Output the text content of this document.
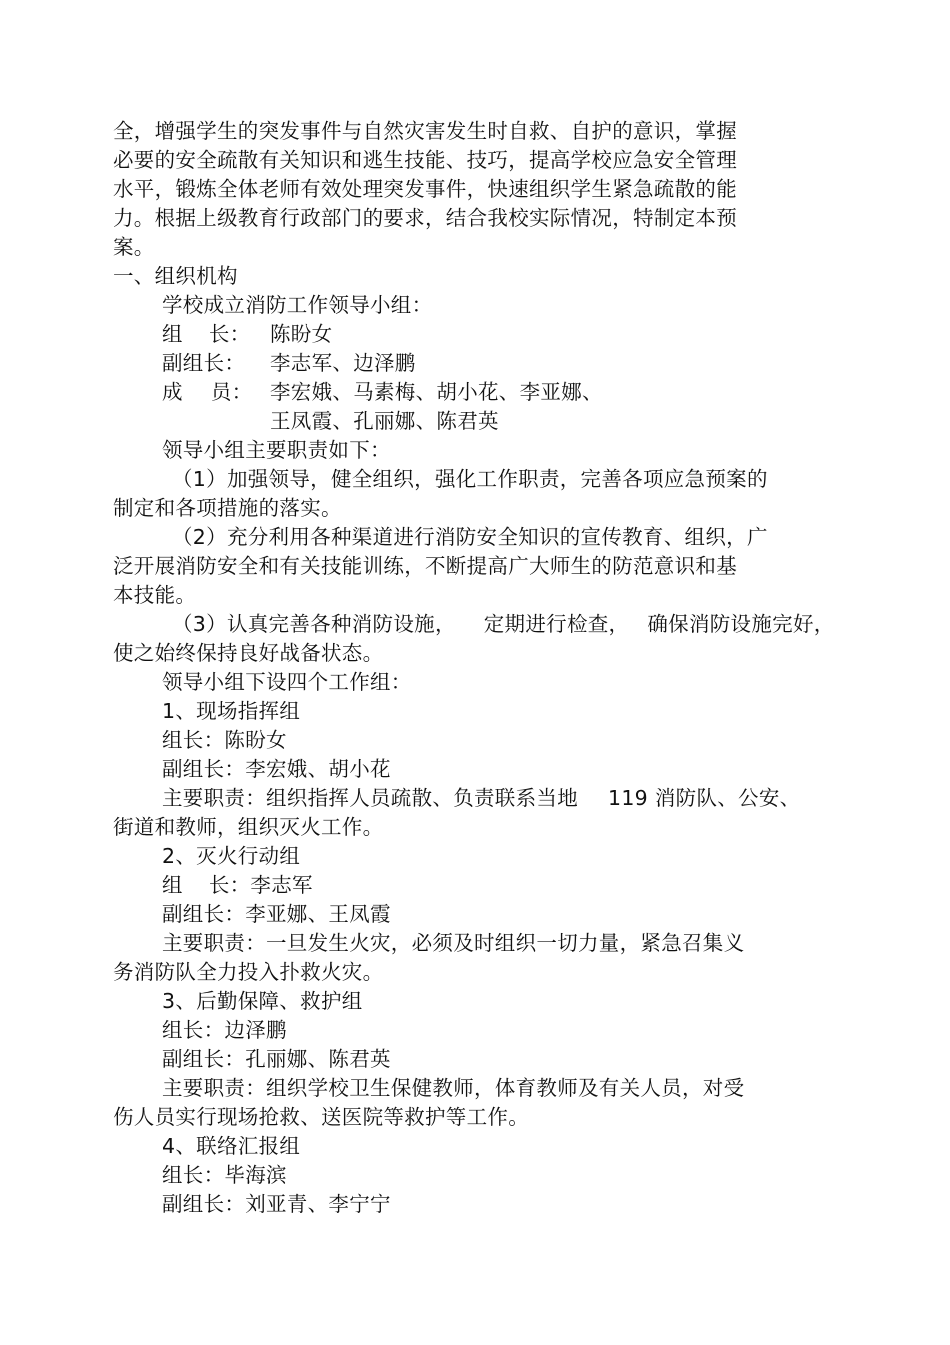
全，增强学生的突发事件与自然灾害发生时自救、自护的意识，掌握

必要的安全疏散有关知识和逃生技能、技巧，提高学校应急安全管理

水平，锻炼全体老师有效处理突发事件，快速组织学生紧急疏散的能

力。根据上级教育行政部门的要求，结合我校实际情况，特制定本预

案。

一、组织机构

学校成立消防工作领导小组：

组 长： 陈盼女

副组长： 李志军、边泽鹏

成 员： 李宏娥、马素梅、胡小花、李亚娜、

王凤霞、孔丽娜、陈君英

领导小组主要职责如下：

（1）加强领导，健全组织，强化工作职责，完善各项应急预案的

制定和各项措施的落实。

（2）充分利用各种渠道进行消防安全知识的宣传教育、组织，广

泛开展消防安全和有关技能训练，不断提高广大师生的防范意识和基

本技能。

（3）认真完善各种消防设施， 定期进行检查， 确保消防设施完好，

使之始终保持良好战备状态。

领导小组下设四个工作组：

1、现场指挥组

组长：陈盼女

副组长：李宏娥、胡小花

主要职责：组织指挥人员疏散、负责联系当地 119 消防队、公安、

街道和教师，组织灭火工作。

2、灭火行动组

组 长：李志军

副组长：李亚娜、王凤霞

主要职责：一旦发生火灾，必须及时组织一切力量，紧急召集义

务消防队全力投入扑救火灾。

3、后勤保障、救护组

组长：边泽鹏

副组长：孔丽娜、陈君英

主要职责：组织学校卫生保健教师，体育教师及有关人员，对受

伤人员实行现场抢救、送医院等救护等工作。

4、联络汇报组

组长：毕海滨

副组长：刘亚青、李宁宁
